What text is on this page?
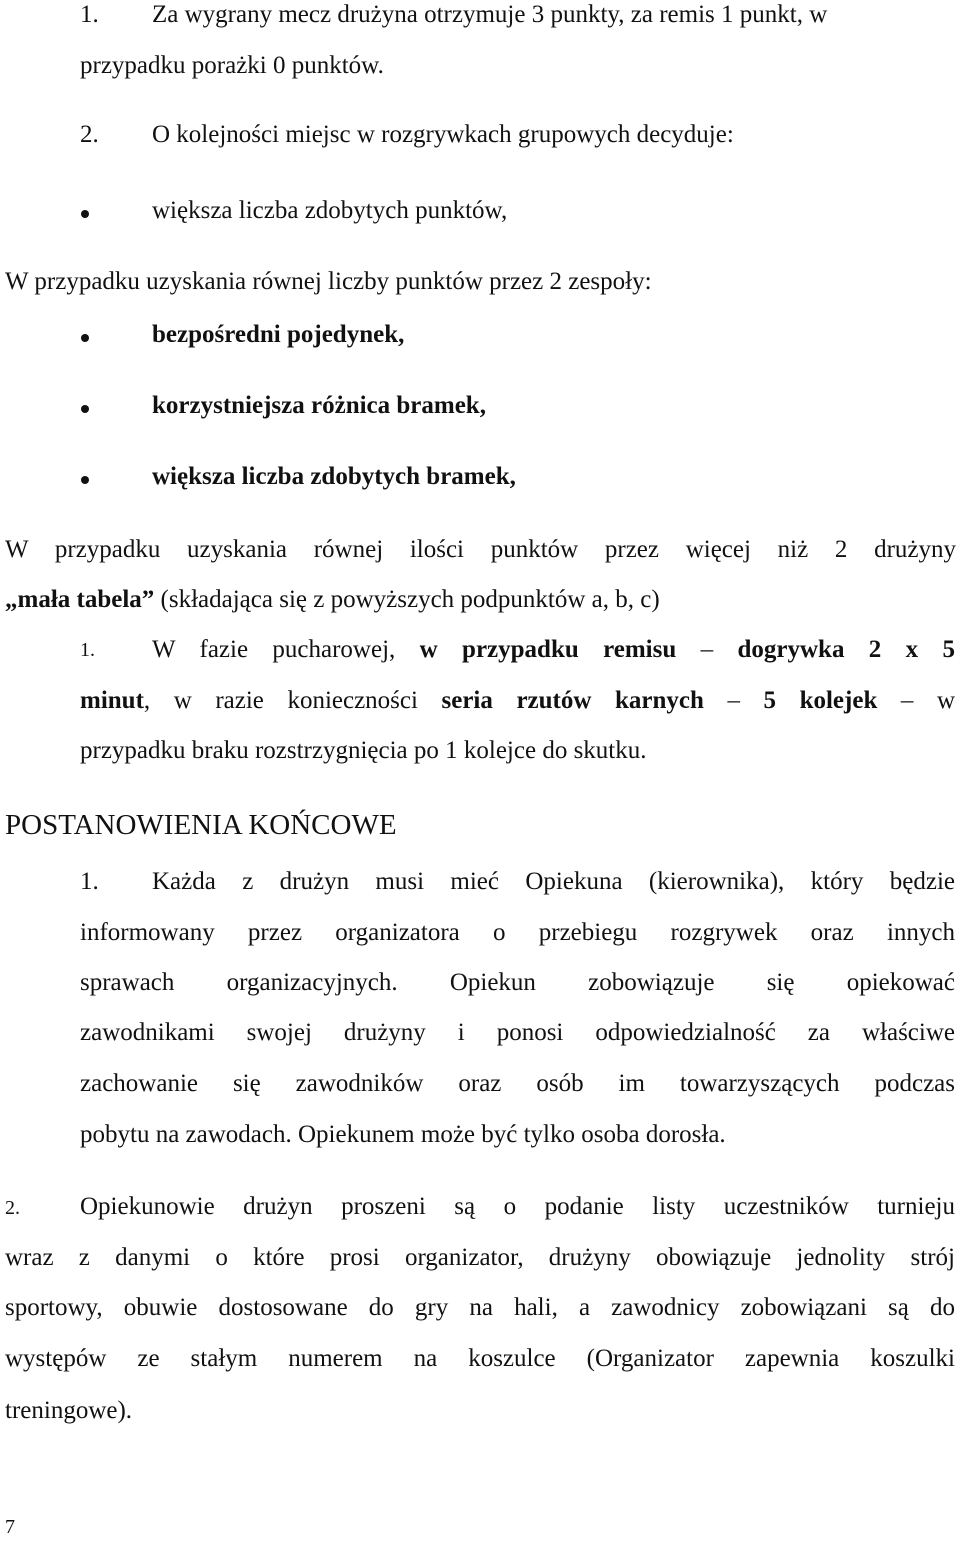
1. Za wygrany mecz drużyna otrzymuje 3 punkty, za remis 1 punkt, w
przypadku porażki 0 punktów.
2. O kolejności miejsc w rozgrywkach grupowych decyduje:
większa liczba zdobytych punktów,
W przypadku uzyskania równej liczby punktów przez 2 zespoły:
bezpośredni pojedynek,
korzystniejsza różnica bramek,
większa liczba zdobytych bramek,
W przypadku uzyskania równej ilości punktów przez więcej niż 2 drużyny
„mała tabela” (składająca się z powyższych podpunktów a, b, c)
1. W fazie pucharowej, w przypadku remisu – dogrywka 2 x 5
minut, w razie konieczności seria rzutów karnych – 5 kolejek – w
przypadku braku rozstrzygnięcia po 1 kolejce do skutku.
POSTANOWIENIA KOŃCOWE
1. Każda z drużyn musi mieć Opiekuna (kierownika), który będzie
informowany przez organizatora o przebiegu rozgrywek oraz innych
sprawach organizacyjnych. Opiekun zobowiązuje się opiekować
zawodnikami swojej drużyny i ponosi odpowiedzialność za właściwe
zachowanie się zawodników oraz osób im towarzyszących podczas
pobytu na zawodach. Opiekunem może być tylko osoba dorosła.
2. Opiekunowie drużyn proszeni są o podanie listy uczestników turnieju
wraz z danymi o które prosi organizator, drużyny obowiązuje jednolity strój
sportowy, obuwie dostosowane do gry na hali, a zawodnicy zobowiązani są do
występów ze stałym numerem na koszulce (Organizator zapewnia koszulki
treningowe).
7
